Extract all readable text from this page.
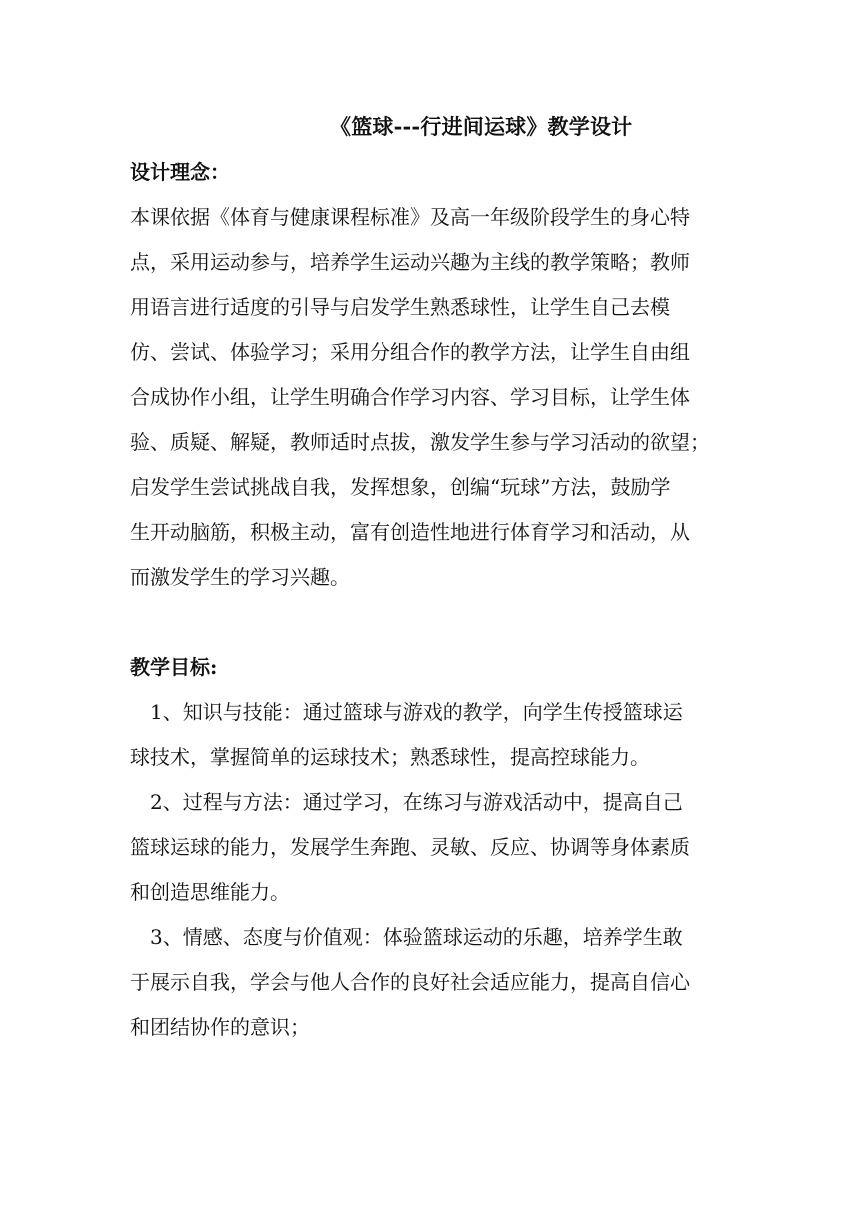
《篮球---行进间运球》教学设计
设计理念：
本课依据《体育与健康课程标准》及高一年级阶段学生的身心特
点，采用运动参与，培养学生运动兴趣为主线的教学策略；教师
用语言进行适度的引导与启发学生熟悉球性，让学生自己去模
仿、尝试、体验学习；采用分组合作的教学方法，让学生自由组
合成协作小组，让学生明确合作学习内容、学习目标，让学生体
验、质疑、解疑，教师适时点拔，激发学生参与学习活动的欲望；
启发学生尝试挑战自我，发挥想象，创编“玩球”方法，鼓励学
生开动脑筋，积极主动，富有创造性地进行体育学习和活动，从
而激发学生的学习兴趣。
教学目标:
1、知识与技能：通过篮球与游戏的教学，向学生传授篮球运
球技术，掌握简单的运球技术；熟悉球性，提高控球能力。
2、过程与方法：通过学习，在练习与游戏活动中，提高自己
篮球运球的能力，发展学生奔跑、灵敏、反应、协调等身体素质
和创造思维能力。
3、情感、态度与价值观：体验篮球运动的乐趣，培养学生敢
于展示自我，学会与他人合作的良好社会适应能力，提高自信心
和团结协作的意识；
